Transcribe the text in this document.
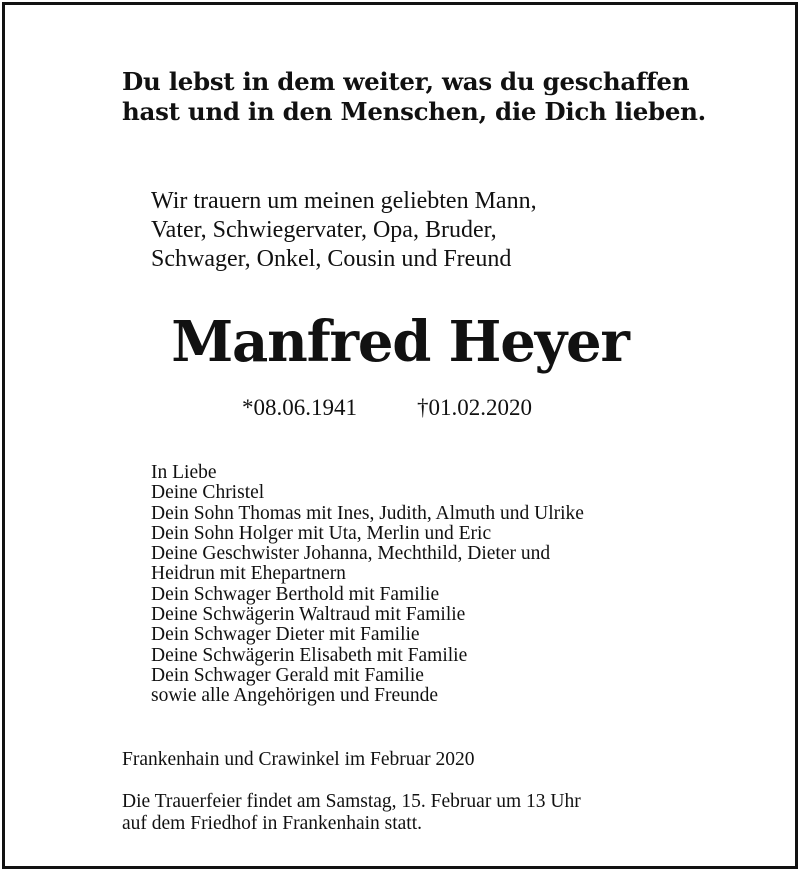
Du lebst in dem weiter, was du geschaffen
hast und in den Menschen, die Dich lieben.

Wir trauern um meinen geliebten Mann,
Vater, Schwiegervater, Opa, Bruder,
Schwager, Onkel, Cousin und Freund

Manfred Heyer

*08.06.1941	†01.02.2020

In Liebe
Deine Christel
Dein Sohn Thomas mit Ines, Judith, Almuth und Ulrike
Dein Sohn Holger mit Uta, Merlin und Eric
Deine Geschwister Johanna, Mechthild, Dieter und
Heidrun mit Ehepartnern
Dein Schwager Berthold mit Familie
Deine Schwägerin Waltraud mit Familie
Dein Schwager Dieter mit Familie
Deine Schwägerin Elisabeth mit Familie
Dein Schwager Gerald mit Familie
sowie alle Angehörigen und Freunde

Frankenhain und Crawinkel im Februar 2020

Die Trauerfeier findet am Samstag, 15. Februar um 13 Uhr
auf dem Friedhof in Frankenhain statt.
